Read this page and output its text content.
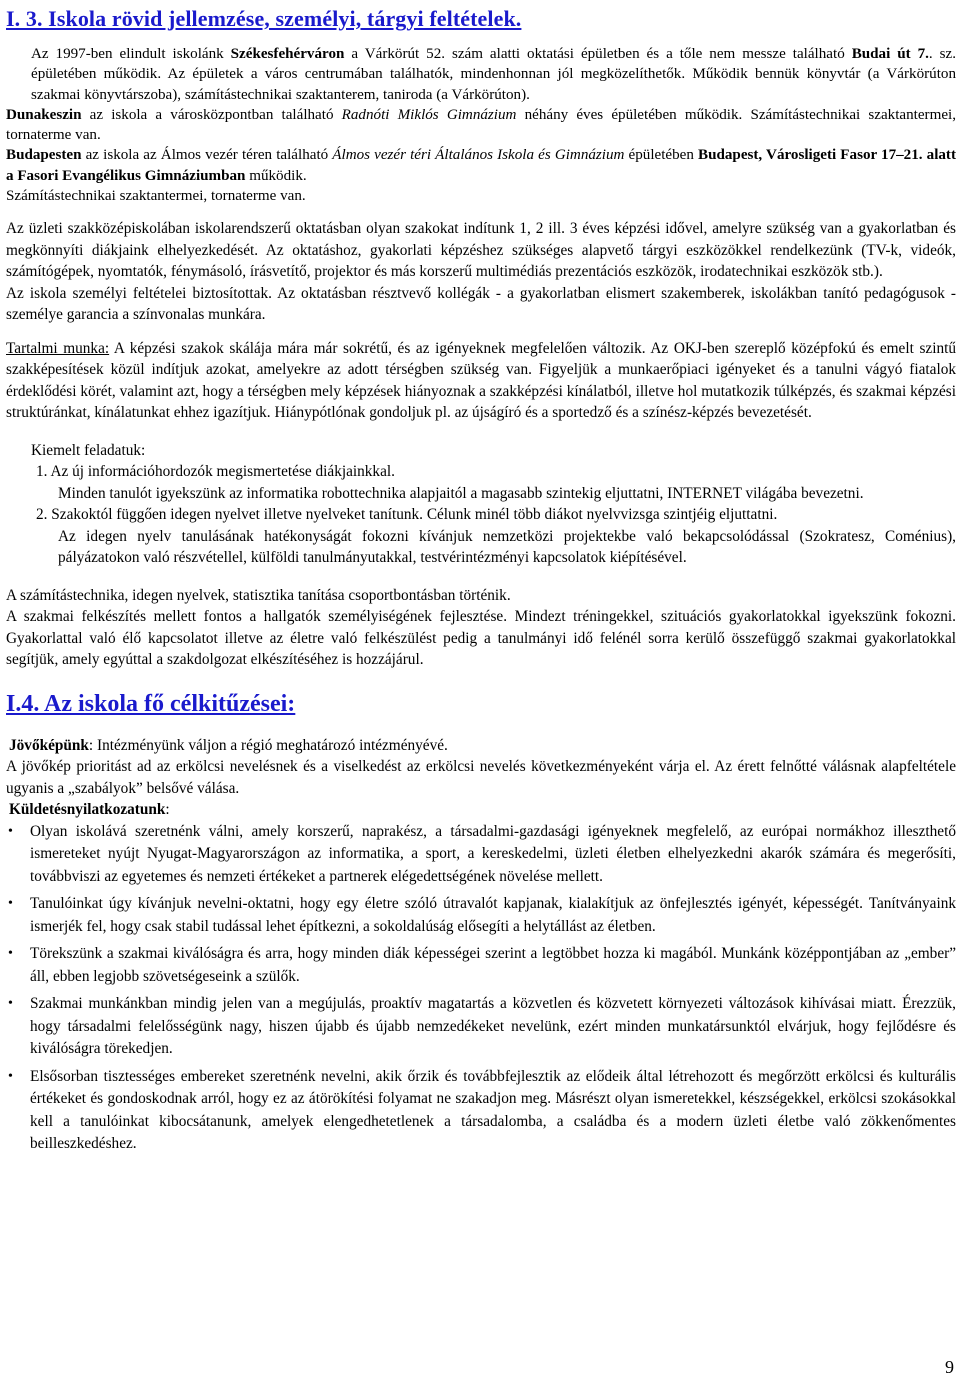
I. 3. Iskola rövid jellemzése, személyi, tárgyi feltételek.

Az 1997-ben elindult iskolánk Székesfehérváron a Várkörút 52. szám alatti oktatási épületben és a tőle nem messze található Budai út 7.. sz. épületében működik. Az épületek a város centrumában találhatók, mindenhonnan jól megközelíthetők. Működik bennük könyvtár (a Várkörúton szakmai könyvtárszoba), számítástechnikai szaktanterem, taniroda (a Várkörúton).

Dunakeszin az iskola a városközpontban található Radnóti Miklós Gimnázium néhány éves épületében működik. Számítástechnikai szaktantermei, tornaterme van.

Budapesten az iskola az Álmos vezér téren található Álmos vezér téri Általános Iskola és Gimnázium épületében Budapest, Városligeti Fasor 17–21. alatt a Fasori Evangélikus Gimnáziumban működik.

Számítástechnikai szaktantermei, tornaterme van.

Az üzleti szakközépiskolában iskolarendszerű oktatásban olyan szakokat indítunk 1, 2 ill. 3 éves képzési idővel, amelyre szükség van a gyakorlatban és megkönnyíti diákjaink elhelyezkedését. Az oktatáshoz, gyakorlati képzéshez szükséges alapvető tárgyi eszközökkel rendelkezünk (TV-k, videók, számítógépek, nyomtatók, fénymásoló, írásvetítő, projektor és más korszerű multimédiás prezentációs eszközök, irodatechnikai eszközök stb.).

Az iskola személyi feltételei biztosítottak. Az oktatásban résztvevő kollégák - a gyakorlatban elismert szakemberek, iskolákban tanító pedagógusok - személye garancia a színvonalas munkára.

Tartalmi munka: A képzési szakok skálája mára már sokrétű, és az igényeknek megfelelően változik. Az OKJ-ben szereplő középfokú és emelt szintű szakképesítések közül indítjuk azokat, amelyekre az adott térségben szükség van. Figyeljük a munkaerőpiaci igényeket és a tanulni vágyó fiatalok érdeklődési körét, valamint azt, hogy a térségben mely képzések hiányoznak a szakképzési kínálatból, illetve hol mutatkozik túlképzés, és szakmai képzési struktúránkat, kínálatunkat ehhez igazítjuk. Hiánypótlónak gondoljuk pl. az újságíró és a sportedző és a színész-képzés bevezetését.

Kiemelt feladatuk:

1. Az új információhordozók megismertetése diákjainkkal.

Minden tanulót igyekszünk az informatika robottechnika alapjaitól a magasabb szintekig eljuttatni, INTERNET világába bevezetni.

2. Szakoktól függően idegen nyelvet illetve nyelveket tanítunk. Célunk minél több diákot nyelvvizsga szintjéig eljuttatni.

Az idegen nyelv tanulásának hatékonyságát fokozni kívánjuk nemzetközi projektekbe való bekapcsolódással (Szokratesz, Coménius), pályázatokon való részvétellel, külföldi tanulmányutakkal, testvérintézményi kapcsolatok kiépítésével.

A számítástechnika, idegen nyelvek, statisztika tanítása csoportbontásban történik.

A szakmai felkészítés mellett fontos a hallgatók személyiségének fejlesztése. Mindezt tréningekkel, szituációs gyakorlatokkal igyekszünk fokozni. Gyakorlattal való élő kapcsolatot illetve az életre való felkészülést pedig a tanulmányi idő felénél sorra kerülő összefüggő szakmai gyakorlatokkal segítjük, amely egyúttal a szakdolgozat elkészítéséhez is hozzájárul.

I.4. Az iskola fő célkitűzései:

Jövőképünk: Intézményünk váljon a régió meghatározó intézményévé.

A jövőkép prioritást ad az erkölcsi nevelésnek és a viselkedést az erkölcsi nevelés következményeként várja el. Az érett felnőtté válásnak alapfeltétele ugyanis a „szabályok” belsővé válása.

Küldetésnyilatkozatunk:

• Olyan iskolává szeretnénk válni, amely korszerű, naprakész, a társadalmi-gazdasági igényeknek megfelelő, az európai normákhoz illeszthető ismereteket nyújt Nyugat-Magyarországon az informatika, a sport, a kereskedelmi, üzleti életben elhelyezkedni akarók számára és megerősíti, továbbviszi az egyetemes és nemzeti értékeket a partnerek elégedettségének növelése mellett.
• Tanulóinkat úgy kívánjuk nevelni-oktatni, hogy egy életre szóló útravalót kapjanak, kialakítjuk az önfejlesztés igényét, képességét. Tanítványaink ismerjék fel, hogy csak stabil tudással lehet építkezni, a sokoldalúság elősegíti a helytállást az életben.
• Törekszünk a szakmai kiválóságra és arra, hogy minden diák képességei szerint a legtöbbet hozza ki magából. Munkánk középpontjában az „ember” áll, ebben legjobb szövetségeseink a szülők.
• Szakmai munkánkban mindig jelen van a megújulás, proaktív magatartás a közvetlen és közvetett környezeti változások kihívásai miatt. Érezzük, hogy társadalmi felelősségünk nagy, hiszen újabb és újabb nemzedékeket nevelünk, ezért minden munkatársunktól elvárjuk, hogy fejlődésre és kiválóságra törekedjen.
• Elsősorban tisztességes embereket szeretnénk nevelni, akik őrzik és továbbfejlesztik az elődeik által létrehozott és megőrzött erkölcsi és kulturális értékeket és gondoskodnak arról, hogy ez az átörökítési folyamat ne szakadjon meg. Másrészt olyan ismeretekkel, készségekkel, erkölcsi szokásokkal kell a tanulóinkat kibocsátanunk, amelyek elengedhetetlenek a társadalomba, a családba és a modern üzleti életbe való zökkenőmentes beilleszkedéshez.
9
